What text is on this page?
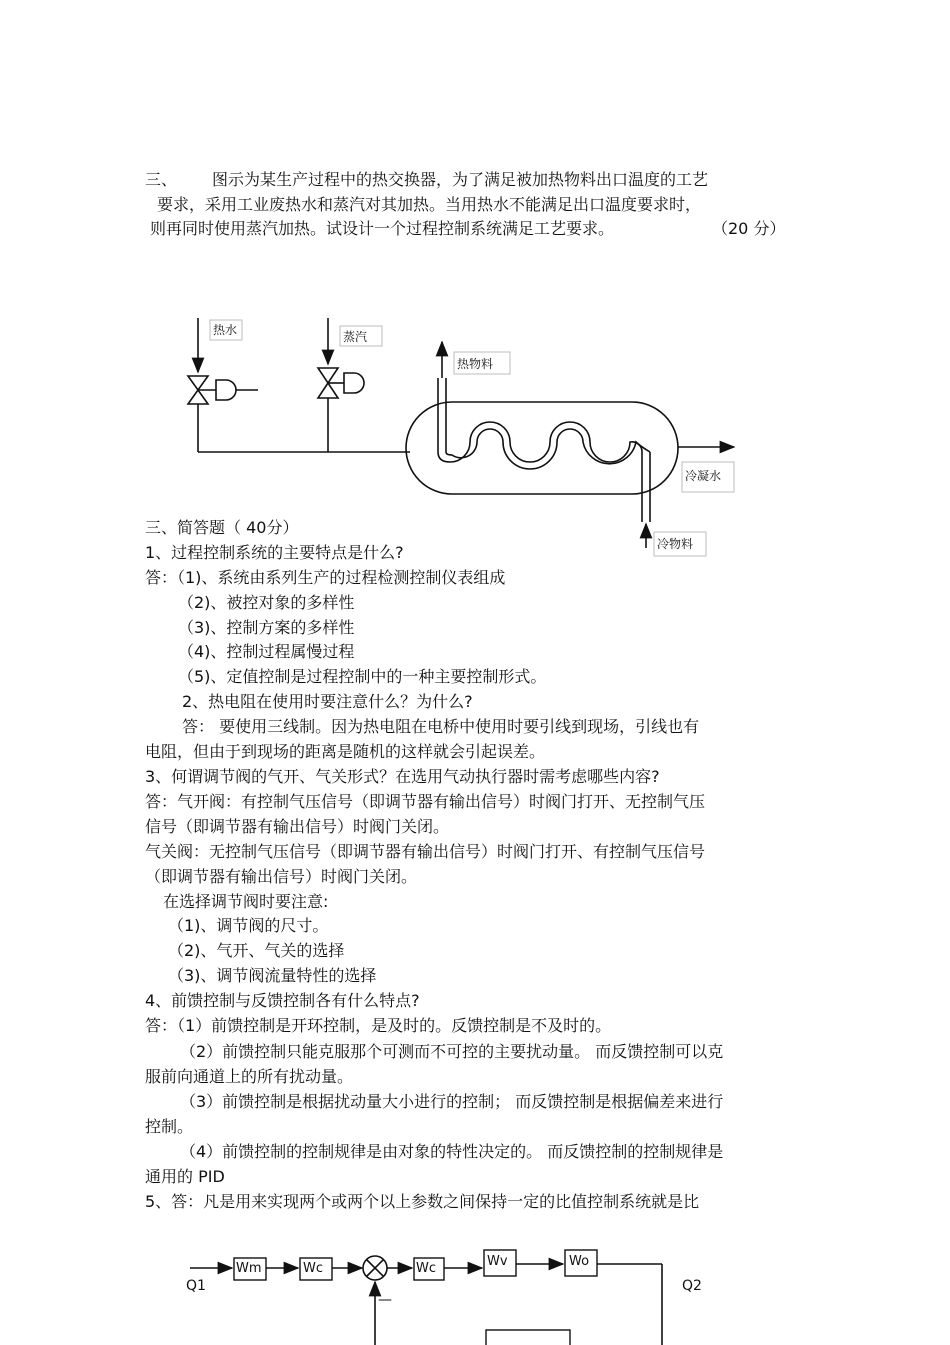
三、 图示为某生产过程中的热交换器，为了满足被加热物料出口温度的工艺
要求，采用工业废热水和蒸汽对其加热。当用热水不能满足出口温度要求时，
则再同时使用蒸汽加热。试设计一个过程控制系统满足工艺要求。	（20 分）
热水	蒸汽
热物料
冷凝水
冷物料
三、简答题（ 40分）
1、过程控制系统的主要特点是什么?
答：（1)、系统由系列生产的过程检测控制仪表组成
（2)、被控对象的多样性
（3)、控制方案的多样性
（4)、控制过程属慢过程
（5)、定值控制是过程控制中的一种主要控制形式。
2、热电阻在使用时要注意什么？为什么?
答： 要使用三线制。因为热电阻在电桥中使用时要引线到现场，引线也有
电阻，但由于到现场的距离是随机的这样就会引起误差。
3、何谓调节阀的气开、气关形式？在选用气动执行器时需考虑哪些内容?
答：气开阀：有控制气压信号（即调节器有输出信号）时阀门打开、无控制气压
信号（即调节器有输出信号）时阀门关闭。
气关阀：无控制气压信号（即调节器有输出信号）时阀门打开、有控制气压信号
（即调节器有输出信号）时阀门关闭。
在选择调节阀时要注意:
（1)、调节阀的尺寸。
（2)、气开、气关的选择
（3)、调节阀流量特性的选择
4、前馈控制与反馈控制各有什么特点?
答：（1）前馈控制是开环控制，是及时的。反馈控制是不及时的。
（2）前馈控制只能克服那个可测而不可控的主要扰动量。 而反馈控制可以克
服前向通道上的所有扰动量。
（3）前馈控制是根据扰动量大小进行的控制； 而反馈控制是根据偏差来进行
控制。
（4）前馈控制的控制规律是由对象的特性决定的。 而反馈控制的控制规律是
通用的 PID
5、答：凡是用来实现两个或两个以上参数之间保持一定的比值控制系统就是比
Q1	Q2
Wm	Wc	Wc	Wv	Wo
—
